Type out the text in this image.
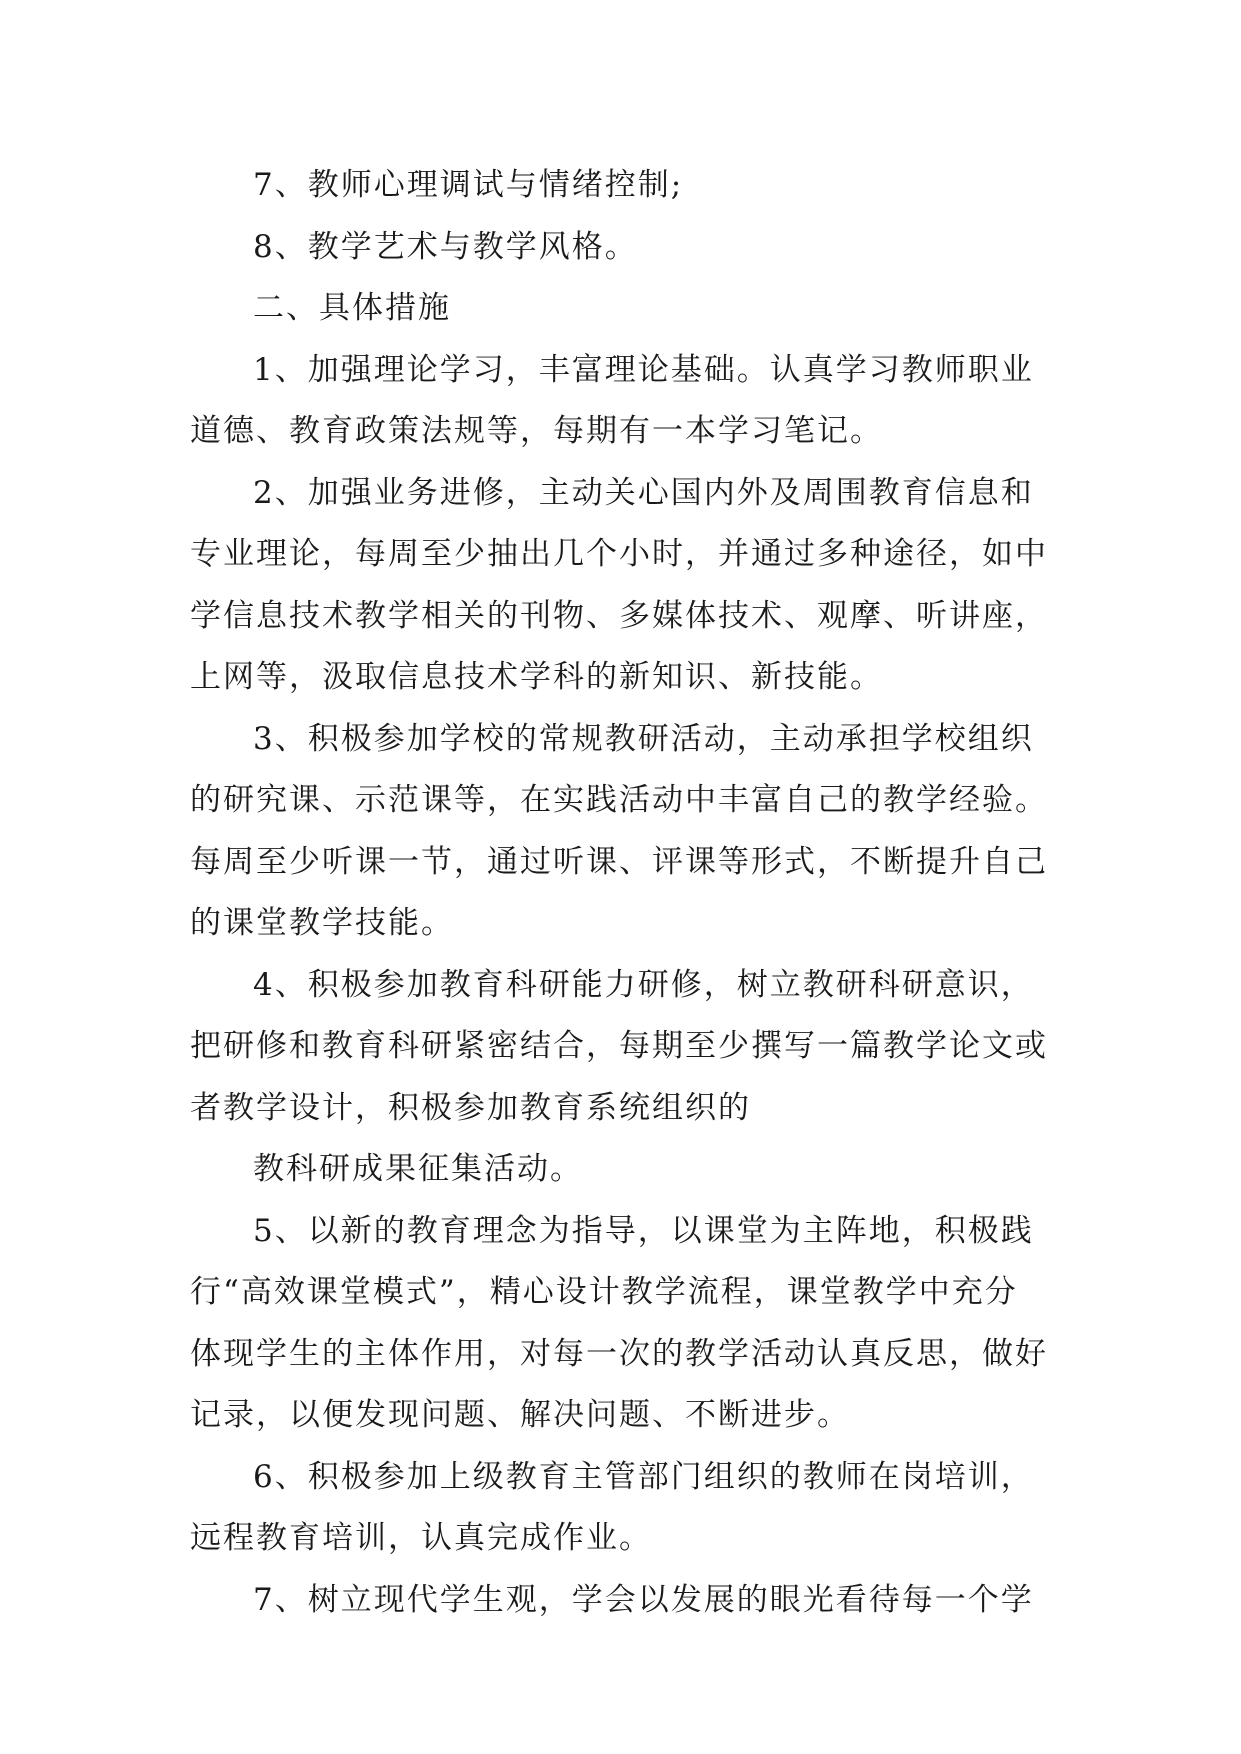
7、教师心理调试与情绪控制;
8、教学艺术与教学风格。
二、具体措施
1、加强理论学习，丰富理论基础。认真学习教师职业
道德、教育政策法规等，每期有一本学习笔记。
2、加强业务进修，主动关心国内外及周围教育信息和
专业理论，每周至少抽出几个小时，并通过多种途径，如中
学信息技术教学相关的刊物、多媒体技术、观摩、听讲座，
上网等，汲取信息技术学科的新知识、新技能。
3、积极参加学校的常规教研活动，主动承担学校组织
的研究课、示范课等，在实践活动中丰富自己的教学经验。
每周至少听课一节，通过听课、评课等形式，不断提升自己
的课堂教学技能。
4、积极参加教育科研能力研修，树立教研科研意识，
把研修和教育科研紧密结合，每期至少撰写一篇教学论文或
者教学设计，积极参加教育系统组织的
教科研成果征集活动。
5、以新的教育理念为指导，以课堂为主阵地，积极践
行“高效课堂模式”，精心设计教学流程，课堂教学中充分
体现学生的主体作用，对每一次的教学活动认真反思，做好
记录，以便发现问题、解决问题、不断进步。
6、积极参加上级教育主管部门组织的教师在岗培训，
远程教育培训，认真完成作业。
7、树立现代学生观，学会以发展的眼光看待每一个学
